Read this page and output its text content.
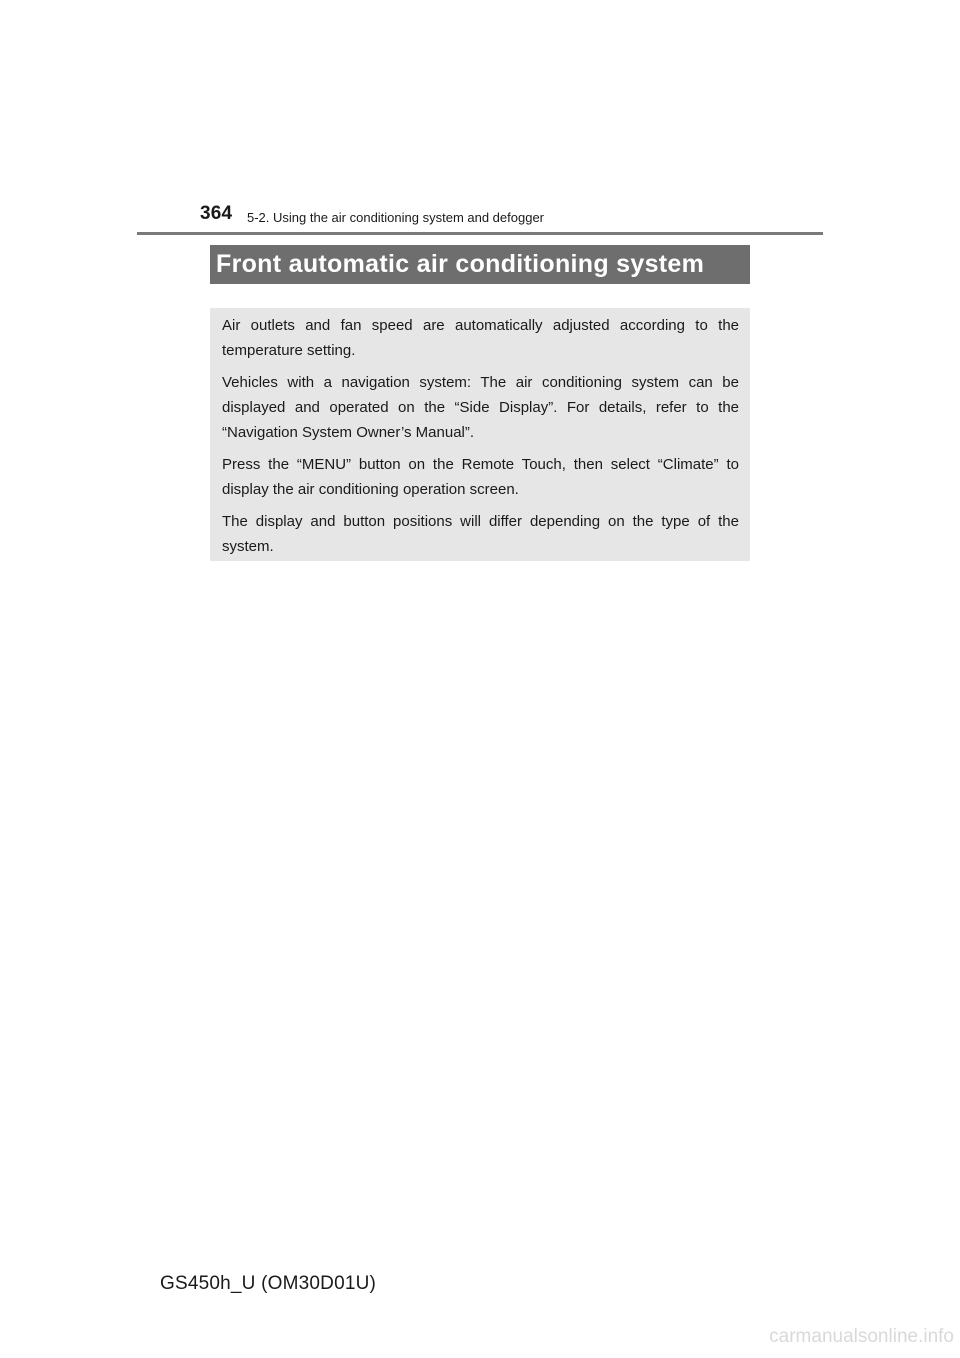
364 5-2. Using the air conditioning system and defogger
Front automatic air conditioning system

Air outlets and fan speed are automatically adjusted according to the temperature setting.

Vehicles with a navigation system: The air conditioning system can be displayed and operated on the “Side Display”. For details, refer to the “Navigation System Owner’s Manual”.

Press the “MENU” button on the Remote Touch, then select “Climate” to display the air conditioning operation screen.

The display and button positions will differ depending on the type of the system.

GS450h_U (OM30D01U)
carmanualsonline.info
